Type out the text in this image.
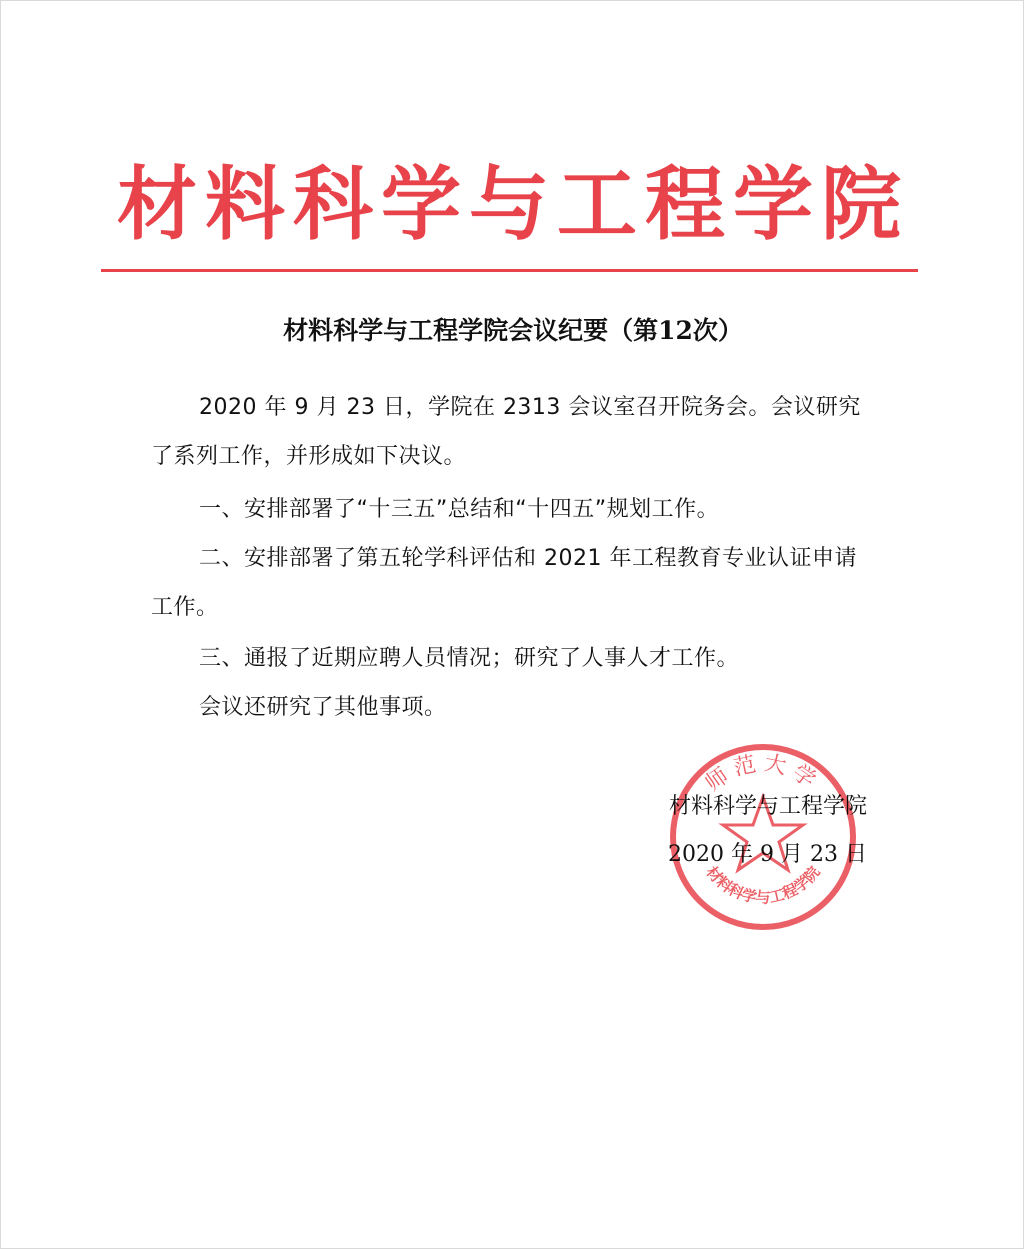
材料科学与工程学院
材料科学与工程学院会议纪要（第12次）
2020 年 9 月 23 日，学院在 2313 会议室召开院务会。会议研究了系列工作，并形成如下决议。
一、安排部署了“十三五”总结和“十四五”规划工作。
二、安排部署了第五轮学科评估和 2021 年工程教育专业认证申请工作。
三、通报了近期应聘人员情况；研究了人事人才工作。
会议还研究了其他事项。
材料科学与工程学院
2020 年 9 月 23 日
师范大学
材料科学与工程学院
